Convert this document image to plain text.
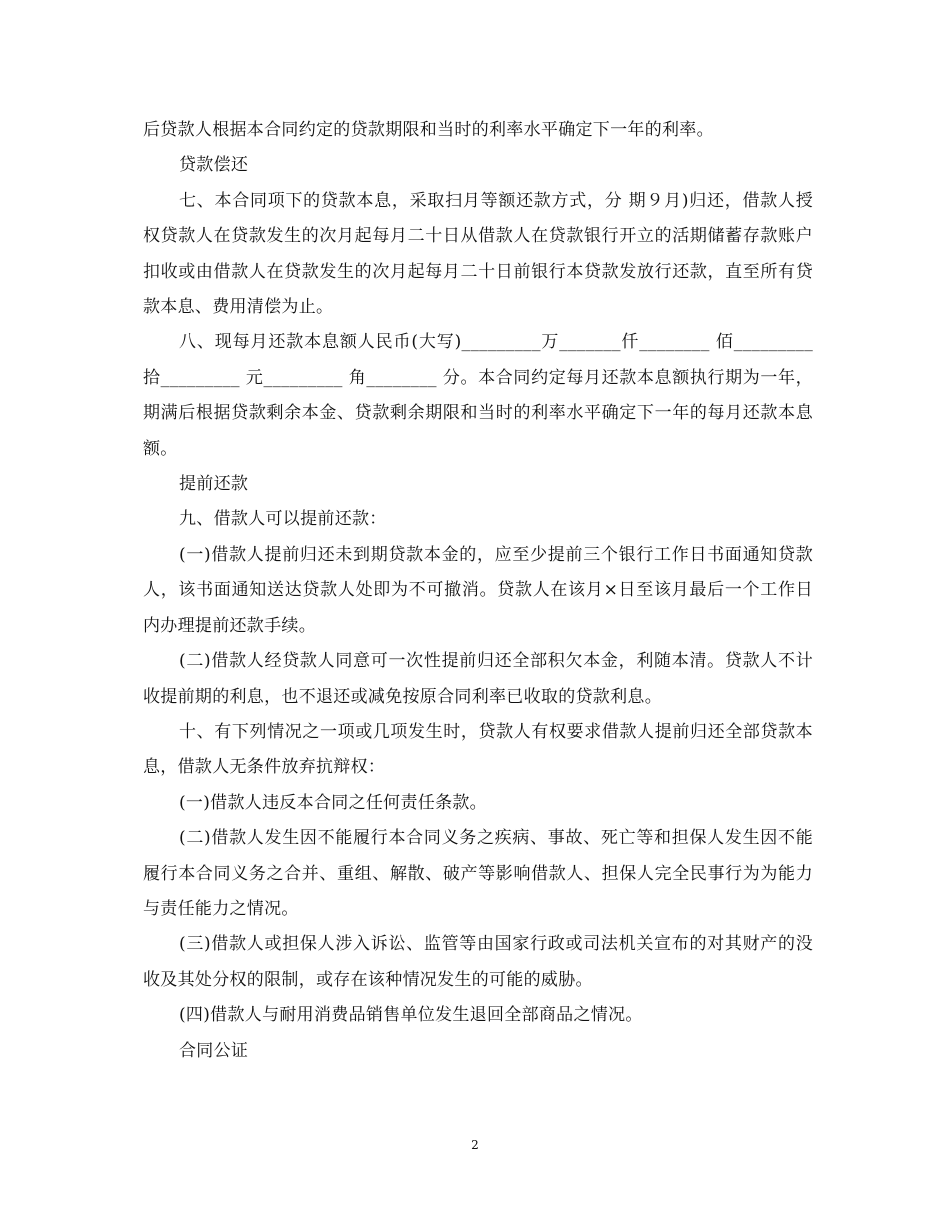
后贷款人根据本合同约定的贷款期限和当时的利率水平确定下一年的利率。

贷款偿还

七、本合同项下的贷款本息，采取扫月等额还款方式，分 期９月)归还，借款人授权贷款人在贷款发生的次月起每月二十日从借款人在贷款银行开立的活期储蓄存款账户扣收或由借款人在贷款发生的次月起每月二十日前银行本贷款发放行还款，直至所有贷款本息、费用清偿为止。

八、现每月还款本息额人民币(大写)_________万_______仟________ 佰_________ 拾_________ 元_________ 角________ 分。本合同约定每月还款本息额执行期为一年，期满后根据贷款剩余本金、贷款剩余期限和当时的利率水平确定下一年的每月还款本息额。

提前还款

九、借款人可以提前还款：

(一)借款人提前归还未到期贷款本金的，应至少提前三个银行工作日书面通知贷款人，该书面通知送达贷款人处即为不可撤消。贷款人在该月×日至该月最后一个工作日内办理提前还款手续。

(二)借款人经贷款人同意可一次性提前归还全部积欠本金，利随本清。贷款人不计收提前期的利息，也不退还或减免按原合同利率已收取的贷款利息。

十、有下列情况之一项或几项发生时，贷款人有权要求借款人提前归还全部贷款本息，借款人无条件放弃抗辩权：

(一)借款人违反本合同之任何责任条款。

(二)借款人发生因不能履行本合同义务之疾病、事故、死亡等和担保人发生因不能履行本合同义务之合并、重组、解散、破产等影响借款人、担保人完全民事行为为能力与责任能力之情况。

(三)借款人或担保人涉入诉讼、监管等由国家行政或司法机关宣布的对其财产的没收及其处分权的限制，或存在该种情况发生的可能的威胁。

(四)借款人与耐用消费品销售单位发生退回全部商品之情况。

合同公证

2
